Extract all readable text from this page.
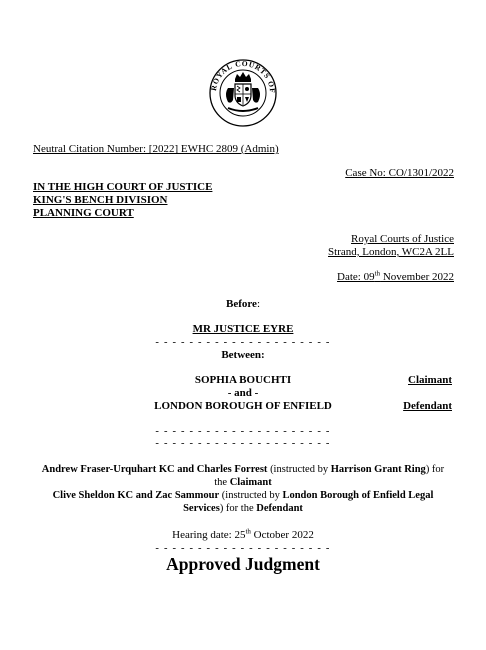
ROYAL COURTS OF
Neutral Citation Number: [2022] EWHC 2809 (Admin)
Case No: CO/1301/2022
IN THE HIGH COURT OF JUSTICE
KING'S BENCH DIVISION
PLANNING COURT
Royal Courts of Justice
Strand, London, WC2A 2LL
Date: 09th November 2022
Before:
MR JUSTICE EYRE
- - - - - - - - - - - - - - - - - - - - -
Between:
SOPHIA BOUCHTI
- and -
LONDON BOROUGH OF ENFIELD
Claimant
Defendant
- - - - - - - - - - - - - - - - - - - - -
- - - - - - - - - - - - - - - - - - - - -
Andrew Fraser-Urquhart KC and Charles Forrest (instructed by Harrison Grant Ring) for
the Claimant
Clive Sheldon KC and Zac Sammour (instructed by London Borough of Enfield Legal
Services) for the Defendant
Hearing date: 25th October 2022
- - - - - - - - - - - - - - - - - - - - -
Approved Judgment
